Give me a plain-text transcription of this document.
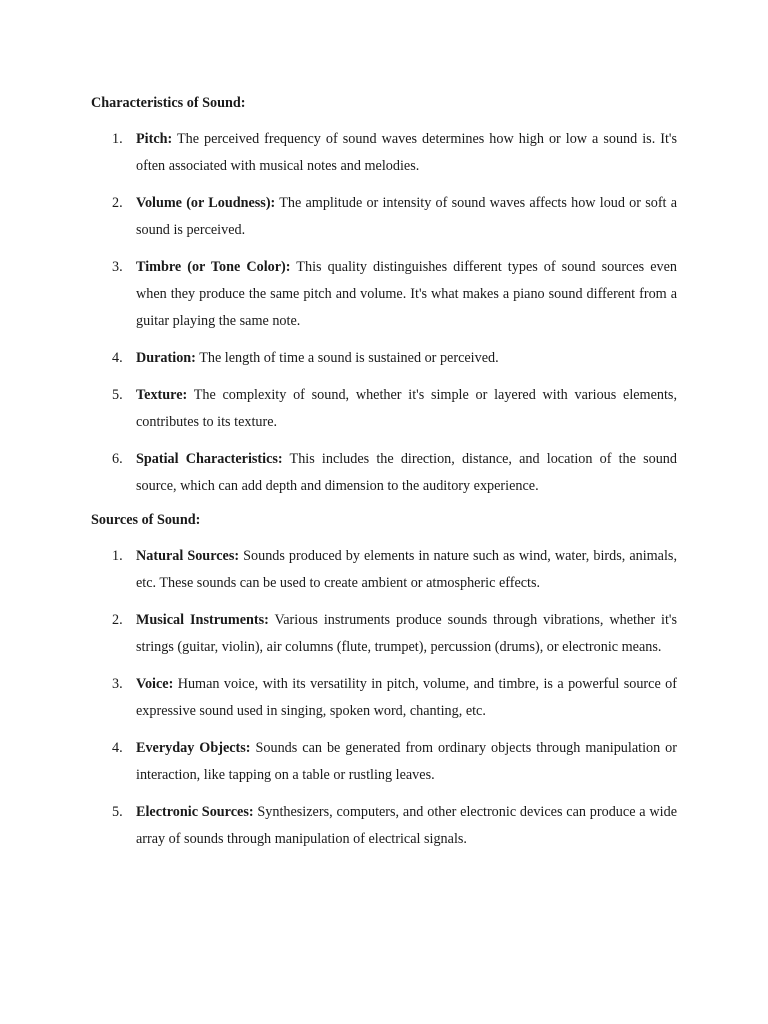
Characteristics of Sound:
1. Pitch: The perceived frequency of sound waves determines how high or low a sound is. It's often associated with musical notes and melodies.
2. Volume (or Loudness): The amplitude or intensity of sound waves affects how loud or soft a sound is perceived.
3. Timbre (or Tone Color): This quality distinguishes different types of sound sources even when they produce the same pitch and volume. It's what makes a piano sound different from a guitar playing the same note.
4. Duration: The length of time a sound is sustained or perceived.
5. Texture: The complexity of sound, whether it's simple or layered with various elements, contributes to its texture.
6. Spatial Characteristics: This includes the direction, distance, and location of the sound source, which can add depth and dimension to the auditory experience.
Sources of Sound:
1. Natural Sources: Sounds produced by elements in nature such as wind, water, birds, animals, etc. These sounds can be used to create ambient or atmospheric effects.
2. Musical Instruments: Various instruments produce sounds through vibrations, whether it's strings (guitar, violin), air columns (flute, trumpet), percussion (drums), or electronic means.
3. Voice: Human voice, with its versatility in pitch, volume, and timbre, is a powerful source of expressive sound used in singing, spoken word, chanting, etc.
4. Everyday Objects: Sounds can be generated from ordinary objects through manipulation or interaction, like tapping on a table or rustling leaves.
5. Electronic Sources: Synthesizers, computers, and other electronic devices can produce a wide array of sounds through manipulation of electrical signals.
